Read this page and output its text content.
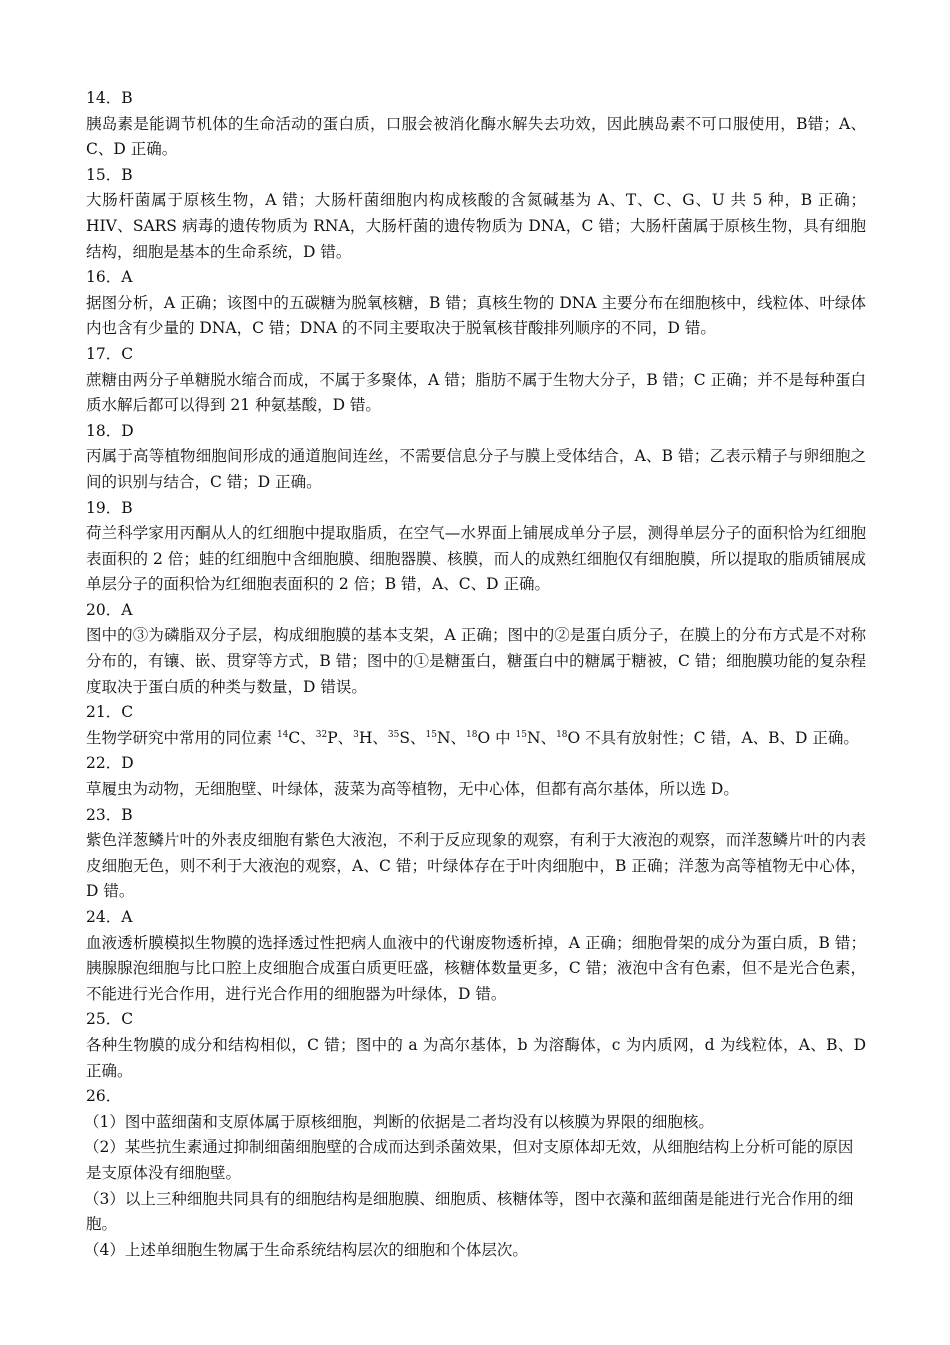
14．B

胰岛素是能调节机体的生命活动的蛋白质，口服会被消化酶水解失去功效，因此胰岛素不可口服使用，B错；A、C、D 正确。

15．B

大肠杆菌属于原核生物，A 错；大肠杆菌细胞内构成核酸的含氮碱基为 A、T、C、G、U 共 5 种，B 正确；HIV、SARS 病毒的遗传物质为 RNA，大肠杆菌的遗传物质为 DNA，C 错；大肠杆菌属于原核生物，具有细胞结构，细胞是基本的生命系统，D 错。

16．A

据图分析，A 正确；该图中的五碳糖为脱氧核糖，B 错；真核生物的 DNA 主要分布在细胞核中，线粒体、叶绿体内也含有少量的 DNA，C 错；DNA 的不同主要取决于脱氧核苷酸排列顺序的不同，D 错。

17．C

蔗糖由两分子单糖脱水缩合而成，不属于多聚体，A 错；脂肪不属于生物大分子，B 错；C 正确；并不是每种蛋白质水解后都可以得到 21 种氨基酸，D 错。

18．D

丙属于高等植物细胞间形成的通道胞间连丝，不需要信息分子与膜上受体结合，A、B 错；乙表示精子与卵细胞之间的识别与结合，C 错；D 正确。

19．B

荷兰科学家用丙酮从人的红细胞中提取脂质，在空气—水界面上铺展成单分子层，测得单层分子的面积恰为红细胞表面积的 2 倍；蛙的红细胞中含细胞膜、细胞器膜、核膜，而人的成熟红细胞仅有细胞膜，所以提取的脂质铺展成单层分子的面积恰为红细胞表面积的 2 倍；B 错，A、C、D 正确。

20．A

图中的③为磷脂双分子层，构成细胞膜的基本支架，A 正确；图中的②是蛋白质分子，在膜上的分布方式是不对称分布的，有镶、嵌、贯穿等方式，B 错；图中的①是糖蛋白，糖蛋白中的糖属于糖被，C 错；细胞膜功能的复杂程度取决于蛋白质的种类与数量，D 错误。

21．C

生物学研究中常用的同位素 $^{14}$C、$^{32}$P、$^3$H、$^{35}$S、$^{15}$N、$^{18}$O 中 $^{15}$N、$^{18}$O 不具有放射性；C 错，A、B、D 正确。

22．D

草履虫为动物，无细胞壁、叶绿体，菠菜为高等植物，无中心体，但都有高尔基体，所以选 D。

23．B

紫色洋葱鳞片叶的外表皮细胞有紫色大液泡，不利于反应现象的观察，有利于大液泡的观察，而洋葱鳞片叶的内表皮细胞无色，则不利于大液泡的观察，A、C 错；叶绿体存在于叶肉细胞中，B 正确；洋葱为高等植物无中心体，D 错。

24．A

血液透析膜模拟生物膜的选择透过性把病人血液中的代谢废物透析掉，A 正确；细胞骨架的成分为蛋白质，B 错；胰腺腺泡细胞与比口腔上皮细胞合成蛋白质更旺盛，核糖体数量更多，C 错；液泡中含有色素，但不是光合色素，不能进行光合作用，进行光合作用的细胞器为叶绿体，D 错。

25．C

各种生物膜的成分和结构相似，C 错；图中的 a 为高尔基体，b 为溶酶体，c 为内质网，d 为线粒体，A、B、D 正确。

26．

（1）图中蓝细菌和支原体属于原核细胞，判断的依据是二者均没有以核膜为界限的细胞核。

（2）某些抗生素通过抑制细菌细胞壁的合成而达到杀菌效果，但对支原体却无效，从细胞结构上分析可能的原因是支原体没有细胞壁。

（3）以上三种细胞共同具有的细胞结构是细胞膜、细胞质、核糖体等，图中衣藻和蓝细菌是能进行光合作用的细胞。

（4）上述单细胞生物属于生命系统结构层次的细胞和个体层次。
